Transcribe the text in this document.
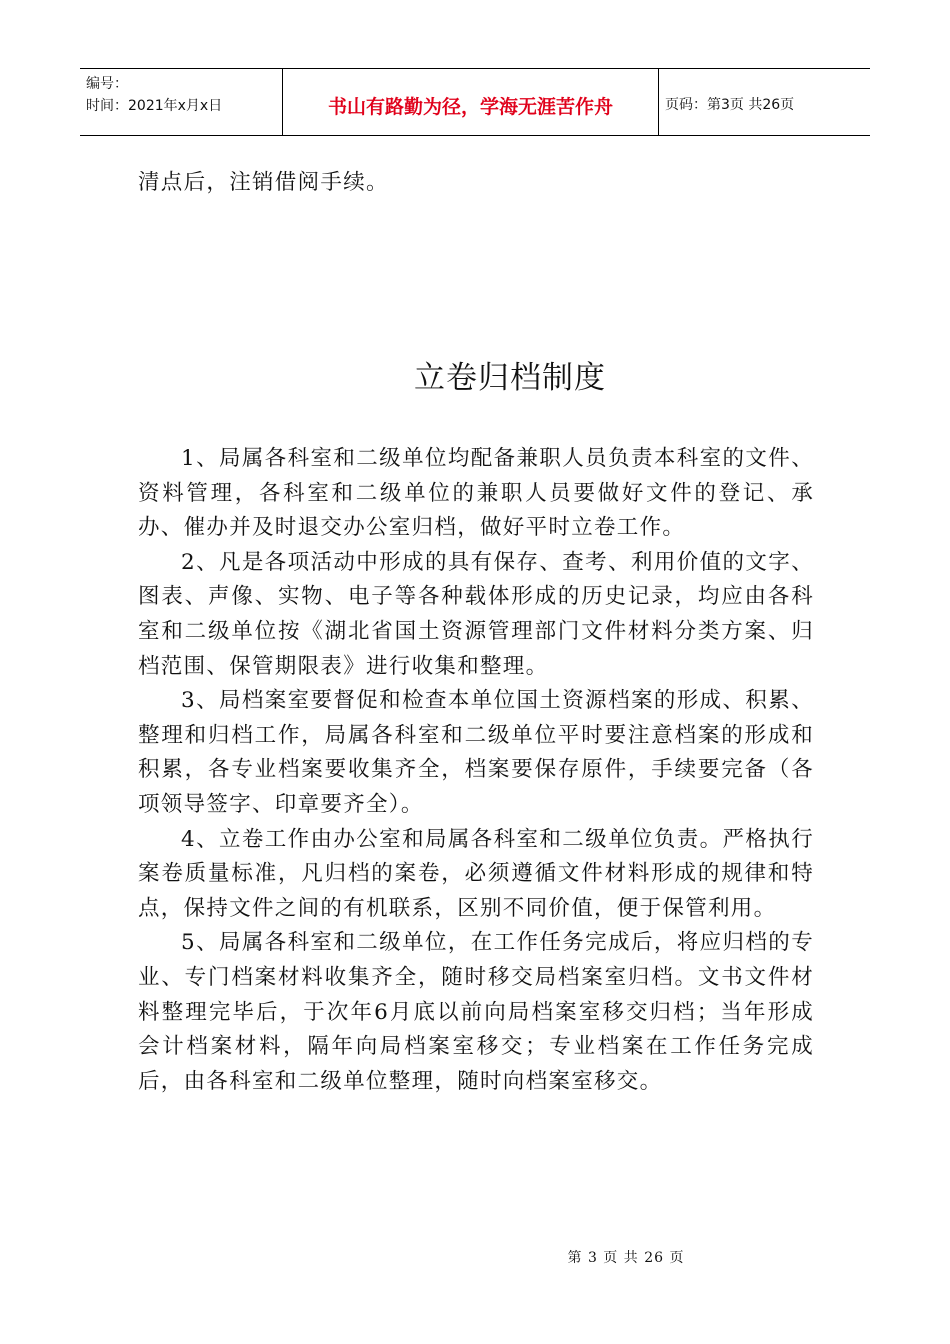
编号：
时间：2021年x月x日	书山有路勤为径，学海无涯苦作舟	页码：第3页 共26页
清点后，注销借阅手续。
立卷归档制度

1、局属各科室和二级单位均配备兼职人员负责本科室的文件、资料管理，各科室和二级单位的兼职人员要做好文件的登记、承办、催办并及时退交办公室归档，做好平时立卷工作。

2、凡是各项活动中形成的具有保存、查考、利用价值的文字、图表、声像、实物、电子等各种载体形成的历史记录，均应由各科室和二级单位按《湖北省国土资源管理部门文件材料分类方案、归档范围、保管期限表》进行收集和整理。

3、局档案室要督促和检查本单位国土资源档案的形成、积累、整理和归档工作，局属各科室和二级单位平时要注意档案的形成和积累，各专业档案要收集齐全，档案要保存原件，手续要完备（各项领导签字、印章要齐全）。

4、立卷工作由办公室和局属各科室和二级单位负责。严格执行案卷质量标准，凡归档的案卷，必须遵循文件材料形成的规律和特点，保持文件之间的有机联系，区别不同价值，便于保管利用。

5、局属各科室和二级单位，在工作任务完成后，将应归档的专业、专门档案材料收集齐全，随时移交局档案室归档。文书文件材料整理完毕后，于次年6月底以前向局档案室移交归档；当年形成会计档案材料，隔年向局档案室移交；专业档案在工作任务完成后，由各科室和二级单位整理，随时向档案室移交。

第 3 页 共 26 页
